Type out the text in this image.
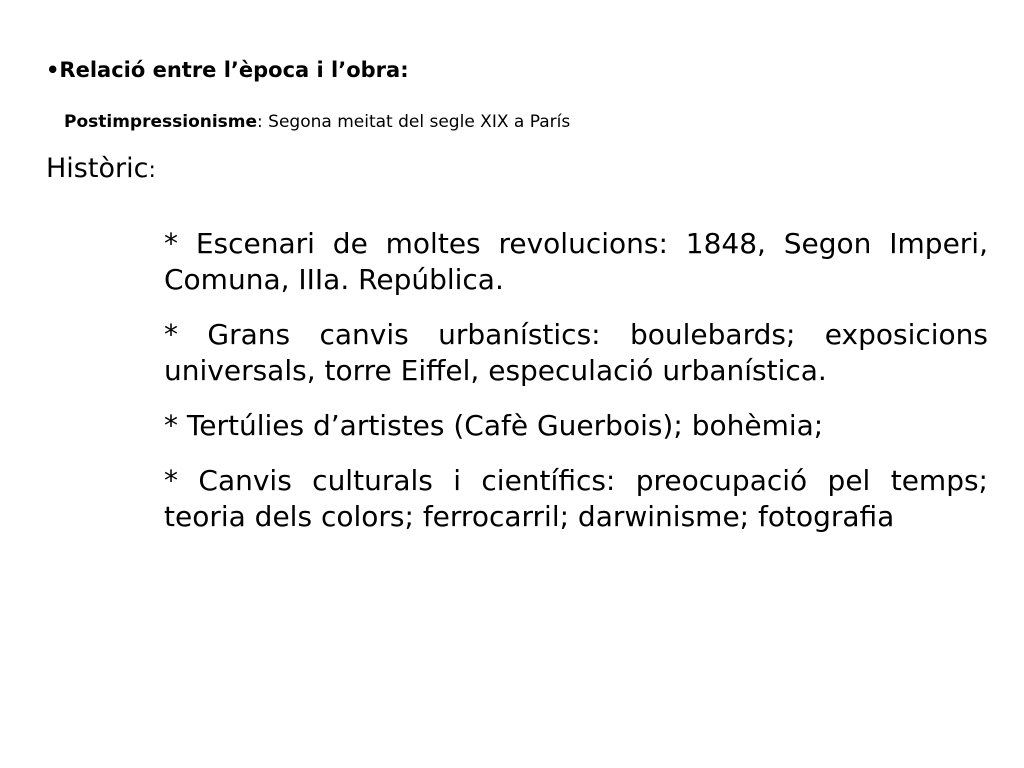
•Relació entre l’època i l’obra:
Postimpressionisme: Segona meitat del segle XIX a París
Històric:
* Escenari de moltes revolucions: 1848, Segon Imperi, Comuna, IIIa. República.
* Grans canvis urbanístics: boulebards; exposicions universals, torre Eiffel, especulació urbanística.
* Tertúlies d’artistes (Cafè Guerbois); bohèmia;
* Canvis culturals i científics: preocupació pel temps; teoria dels colors; ferrocarril; darwinisme; fotografia
